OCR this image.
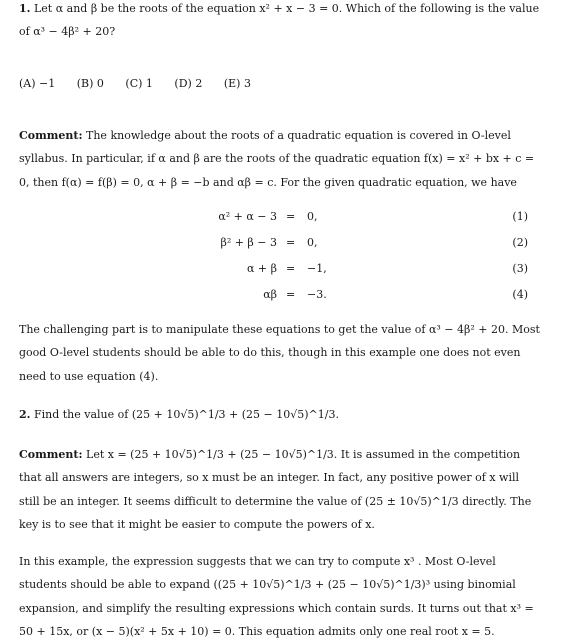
1. Let α and β be the roots of the equation x² + x − 3 = 0. Which of the following is the value of α³ − 4β² + 20?
(A) −1 (B) 0 (C) 1 (D) 2 (E) 3
Comment: The knowledge about the roots of a quadratic equation is covered in O-level syllabus. In particular, if α and β are the roots of the quadratic equation f(x) = x² + bx + c = 0, then f(α) = f(β) = 0, α + β = −b and αβ = c. For the given quadratic equation, we have
α² + α − 3 = 0,	(1)
β² + β − 3 = 0,	(2)
α + β = −1,	(3)
αβ = −3.	(4)
The challenging part is to manipulate these equations to get the value of α³ − 4β² + 20. Most good O-level students should be able to do this, though in this example one does not even need to use equation (4).
2. Find the value of (25 + 10√5)^1/3 + (25 − 10√5)^1/3.
Comment: Let x = (25 + 10√5)^1/3 + (25 − 10√5)^1/3. It is assumed in the competition that all answers are integers, so x must be an integer. In fact, any positive power of x will still be an integer. It seems difficult to determine the value of (25 ± 10√5)^1/3 directly. The key is to see that it might be easier to compute the powers of x.
In this example, the expression suggests that we can try to compute x³ . Most O-level students should be able to expand ((25 + 10√5)^1/3 + (25 − 10√5)^1/3)³ using binomial expansion, and simplify the resulting expressions which contain surds. It turns out that x³ = 50 + 15x, or (x − 5)(x² + 5x + 10) = 0. This equation admits only one real root x = 5.
